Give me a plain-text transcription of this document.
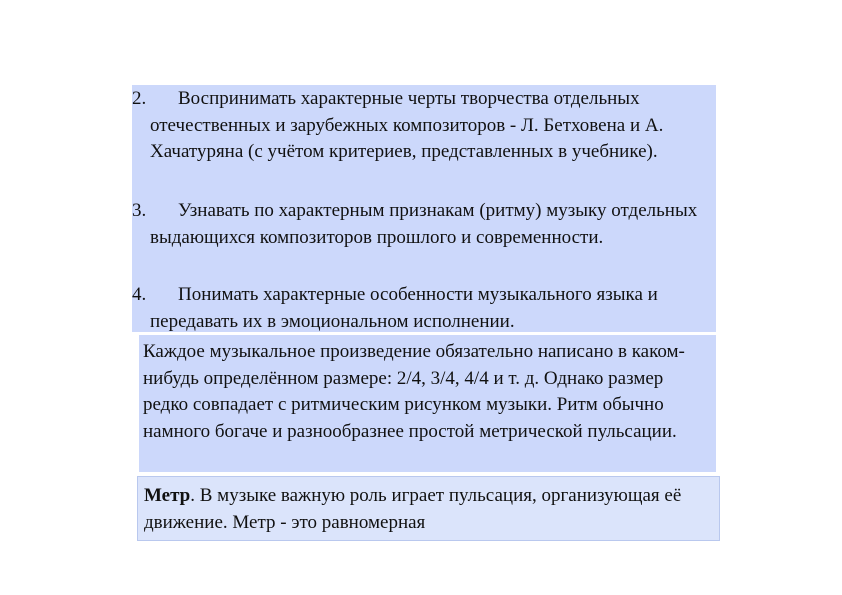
2.	Воспринимать характерные черты творчества отдельных отечественных и зарубежных композиторов - Л. Бетховена и А. Хачатуряна (с учётом критериев, представленных в учебнике).
3.	Узнавать по характерным признакам (ритму) музыку отдельных выдающихся композиторов прошлого и современности.
4.	Понимать характерные особенности музыкального языка и передавать их в эмоциональном исполнении.
Каждое музыкальное произведение обязательно написано в каком-нибудь определённом размере: 2/4, 3/4, 4/4 и т. д. Однако размер редко совпадает с ритмическим рисунком музыки. Ритм обычно намного богаче и разнообразнее простой метрической пульсации.
Метр. В музыке важную роль играет пульсация, организующая её движение. Метр - это равномерная
